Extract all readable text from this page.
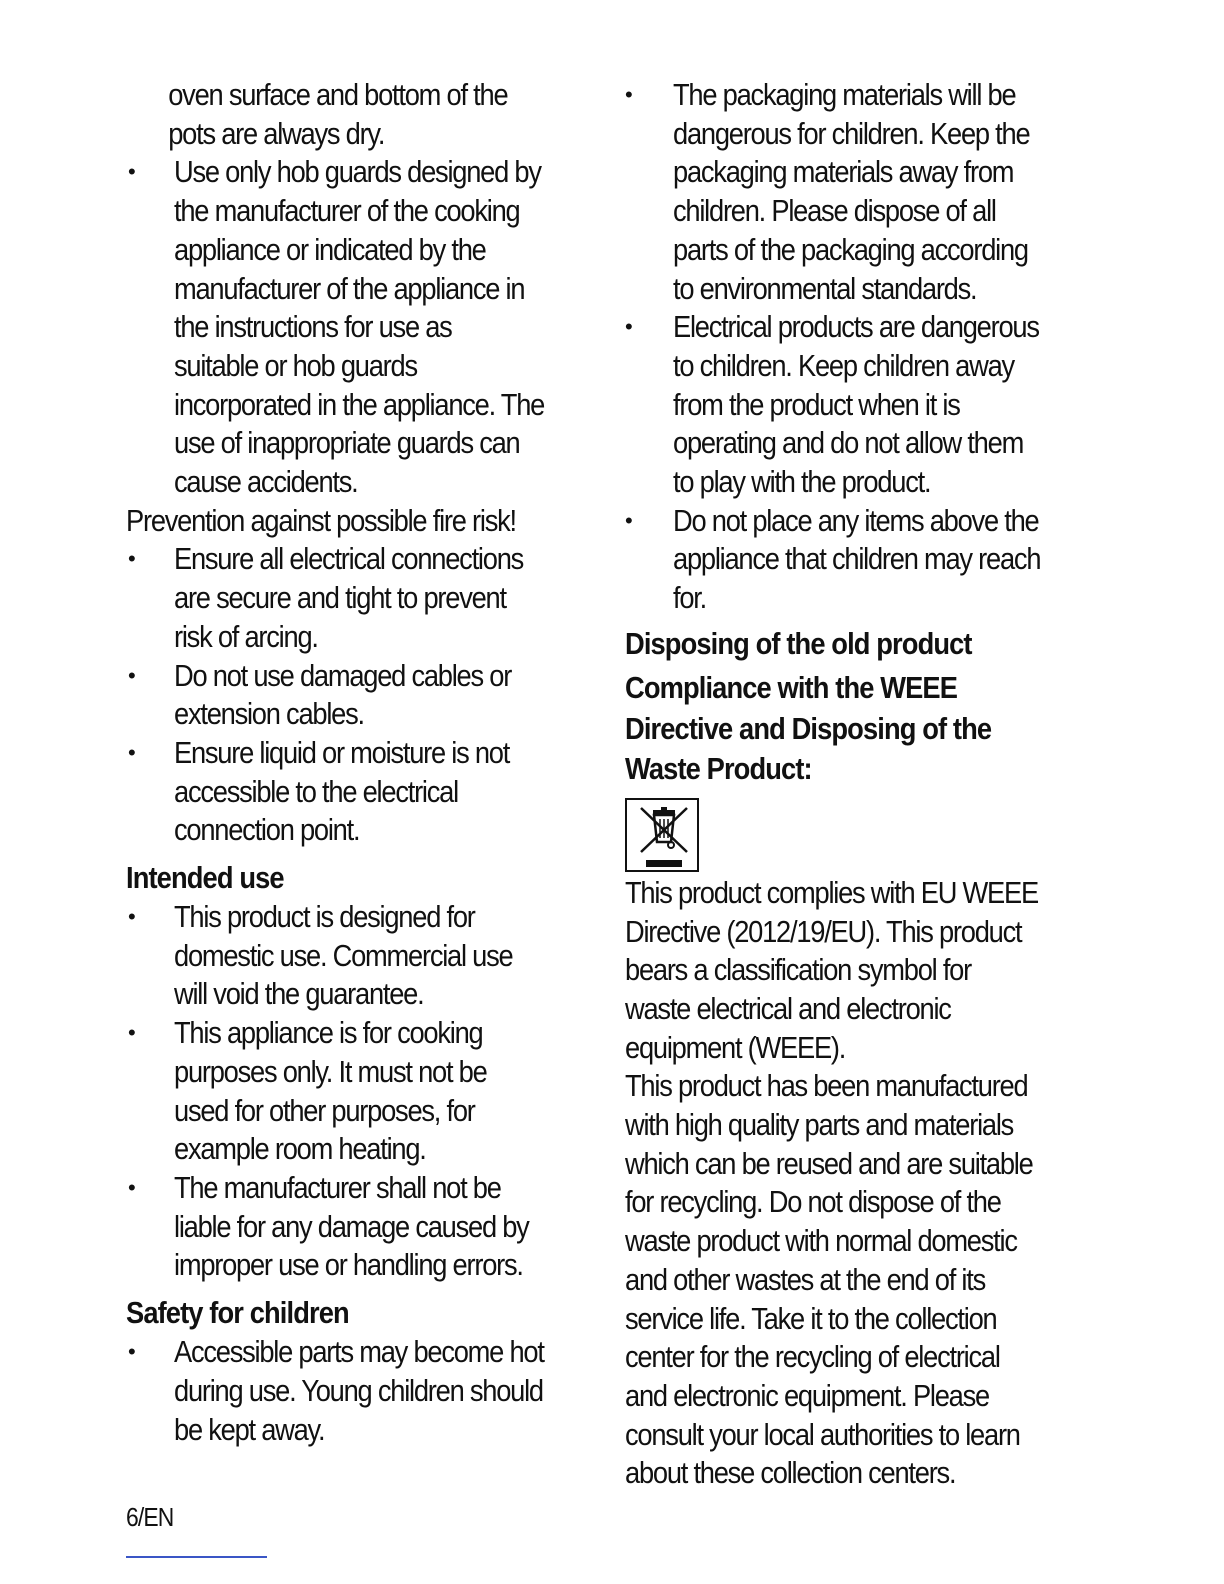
oven surface and bottom of the
pots are always dry.

• Use only hob guards designed by
the manufacturer of the cooking
appliance or indicated by the
manufacturer of the appliance in
the instructions for use as
suitable or hob guards
incorporated in the appliance. The
use of inappropriate guards can
cause accidents.

Prevention against possible fire risk!

• Ensure all electrical connections
are secure and tight to prevent
risk of arcing.

• Do not use damaged cables or
extension cables.

• Ensure liquid or moisture is not
accessible to the electrical
connection point.

Intended use
• This product is designed for
domestic use. Commercial use
will void the guarantee.

• This appliance is for cooking
purposes only. It must not be
used for other purposes, for
example room heating.

• The manufacturer shall not be
liable for any damage caused by
improper use or handling errors.

Safety for children
• Accessible parts may become hot
during use. Young children should
be kept away.

• The packaging materials will be
dangerous for children. Keep the
packaging materials away from
children. Please dispose of all
parts of the packaging according
to environmental standards.

• Electrical products are dangerous
to children. Keep children away
from the product when it is
operating and do not allow them
to play with the product.

• Do not place any items above the
appliance that children may reach
for.

Disposing of the old product
Compliance with the WEEE
Directive and Disposing of the
Waste Product:

This product complies with EU WEEE
Directive (2012/19/EU). This product
bears a classification symbol for
waste electrical and electronic
equipment (WEEE).

This product has been manufactured
with high quality parts and materials
which can be reused and are suitable
for recycling. Do not dispose of the
waste product with normal domestic
and other wastes at the end of its
service life. Take it to the collection
center for the recycling of electrical
and electronic equipment. Please
consult your local authorities to learn
about these collection centers.

6/EN
